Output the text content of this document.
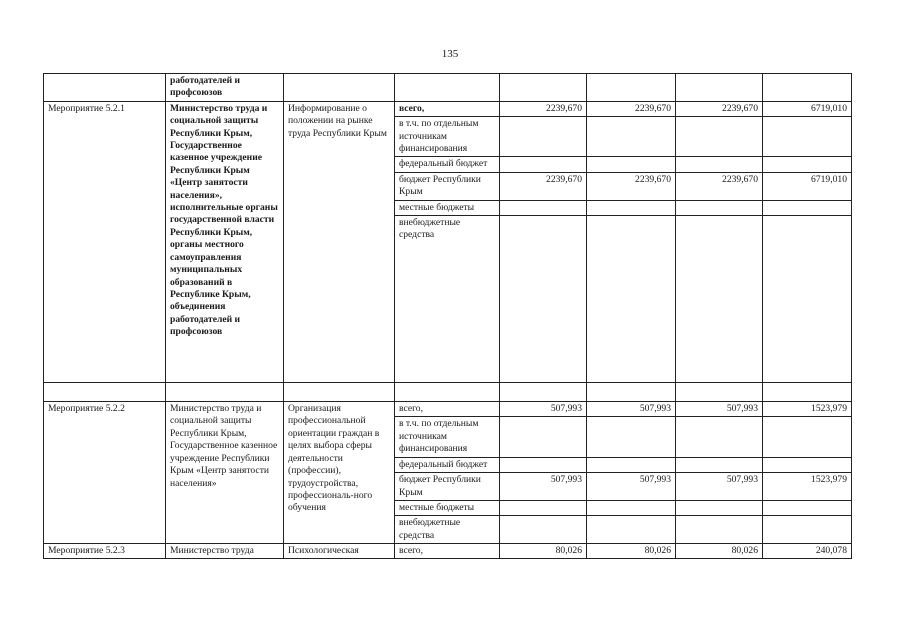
135
	работодателей и профсоюзов						
Мероприятие 5.2.1	Министерство труда и социальной защиты Республики Крым, Государственное казенное учреждение Республики Крым «Центр занятости населения», исполнительные органы государственной власти Республики Крым, органы местного самоуправления муниципальных образований в Республике Крым, объединения работодателей и профсоюзов	Информирование о положении на рынке труда Республики Крым	всего,	2239,670	2239,670	2239,670	6719,010
			в т.ч. по отдельным источникам финансирования				
			федеральный бюджет				
			бюджет Республики Крым	2239,670	2239,670	2239,670	6719,010
			местные бюджеты				
			внебюджетные средства				

Мероприятие 5.2.2	Министерство труда и социальной защиты Республики Крым, Государственное казенное учреждение Республики Крым «Центр занятости населения»	Организация профессиональной ориентации граждан в целях выбора сферы деятельности (профессии), трудоустройства, профессиональ-ного обучения	всего,	507,993	507,993	507,993	1523,979
			в т.ч. по отдельным источникам финансирования				
			федеральный бюджет				
			бюджет Республики Крым	507,993	507,993	507,993	1523,979
			местные бюджеты				
			внебюджетные средства				
Мероприятие 5.2.3	Министерство труда	Психологическая	всего,	80,026	80,026	80,026	240,078
